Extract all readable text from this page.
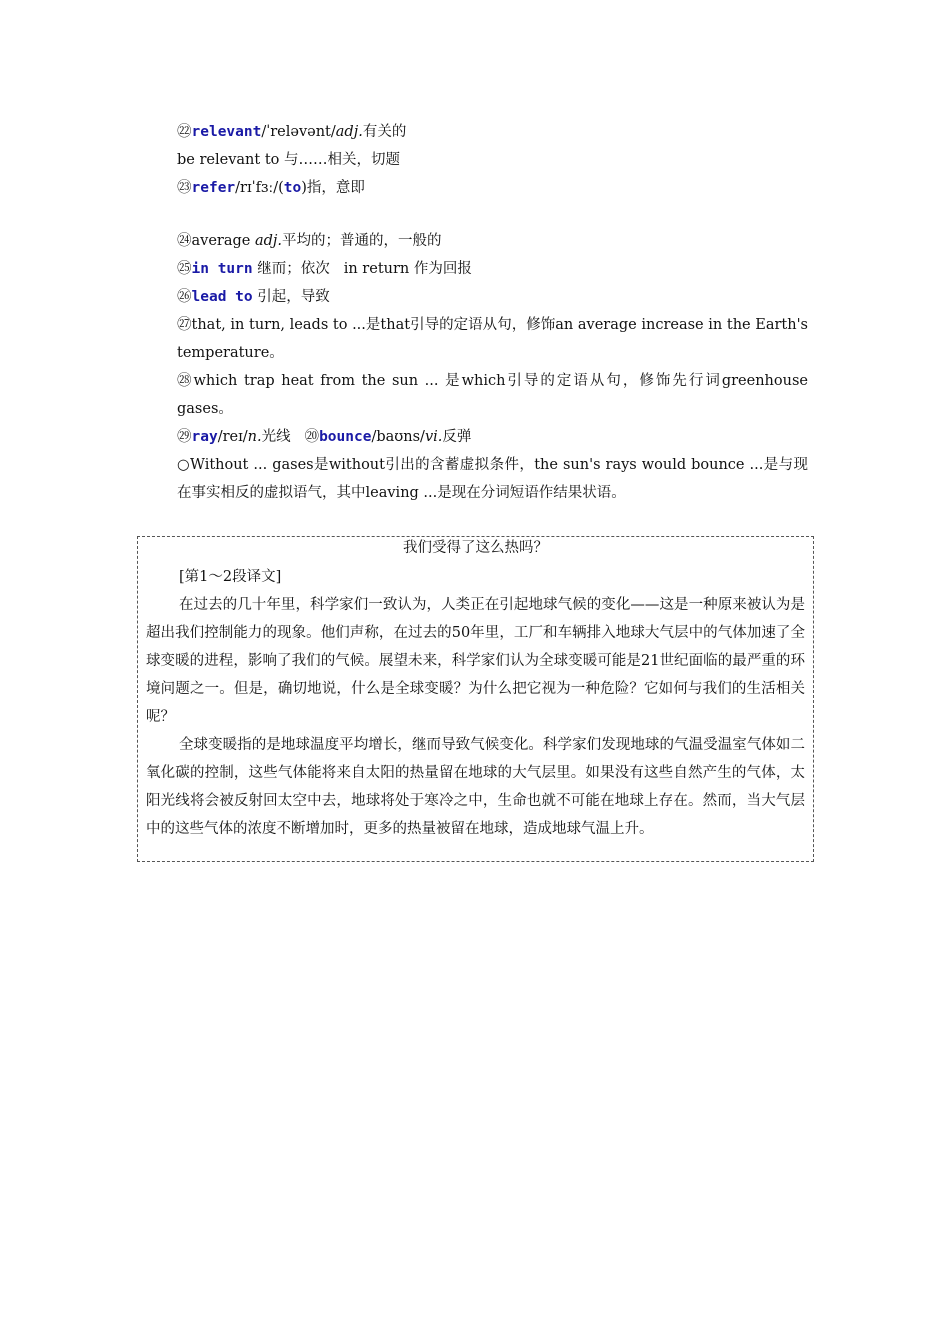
㉒relevant/ˈreləvənt/adj.有关的
be relevant to 与……相关，切题
㉓refer/rɪˈfɜː/(to)指，意即
㉔average adj.平均的；普通的，一般的
㉕in turn 继而；依次 in return 作为回报
㉖lead to 引起，导致
㉗that, in turn, leads to ...是that引导的定语从句，修饰an average increase in the Earth's temperature。
㉘which trap heat from the sun ... 是which引导的定语从句，修饰先行词greenhouse gases。
㉙ray/reɪ/n.光线 ⑳bounce/baʊns/vi.反弹
○Without ... gases是without引出的含蓄虚拟条件，the sun's rays would bounce ...是与现在事实相反的虚拟语气，其中leaving ...是现在分词短语作结果状语。
我们受得了这么热吗？
[第1～2段译文]

在过去的几十年里，科学家们一致认为，人类正在引起地球气候的变化——这是一种原来被认为是超出我们控制能力的现象。他们声称，在过去的50年里，工厂和车辆排入地球大气层中的气体加速了全球变暖的进程，影响了我们的气候。展望未来，科学家们认为全球变暖可能是21世纪面临的最严重的环境问题之一。但是，确切地说，什么是全球变暖？为什么把它视为一种危险？它如何与我们的生活相关呢？

全球变暖指的是地球温度平均增长，继而导致气候变化。科学家们发现地球的气温受温室气体如二氧化碳的控制，这些气体能将来自太阳的热量留在地球的大气层里。如果没有这些自然产生的气体，太阳光线将会被反射回太空中去，地球将处于寒冷之中，生命也就不可能在地球上存在。然而，当大气层中的这些气体的浓度不断增加时，更多的热量被留在地球，造成地球气温上升。
